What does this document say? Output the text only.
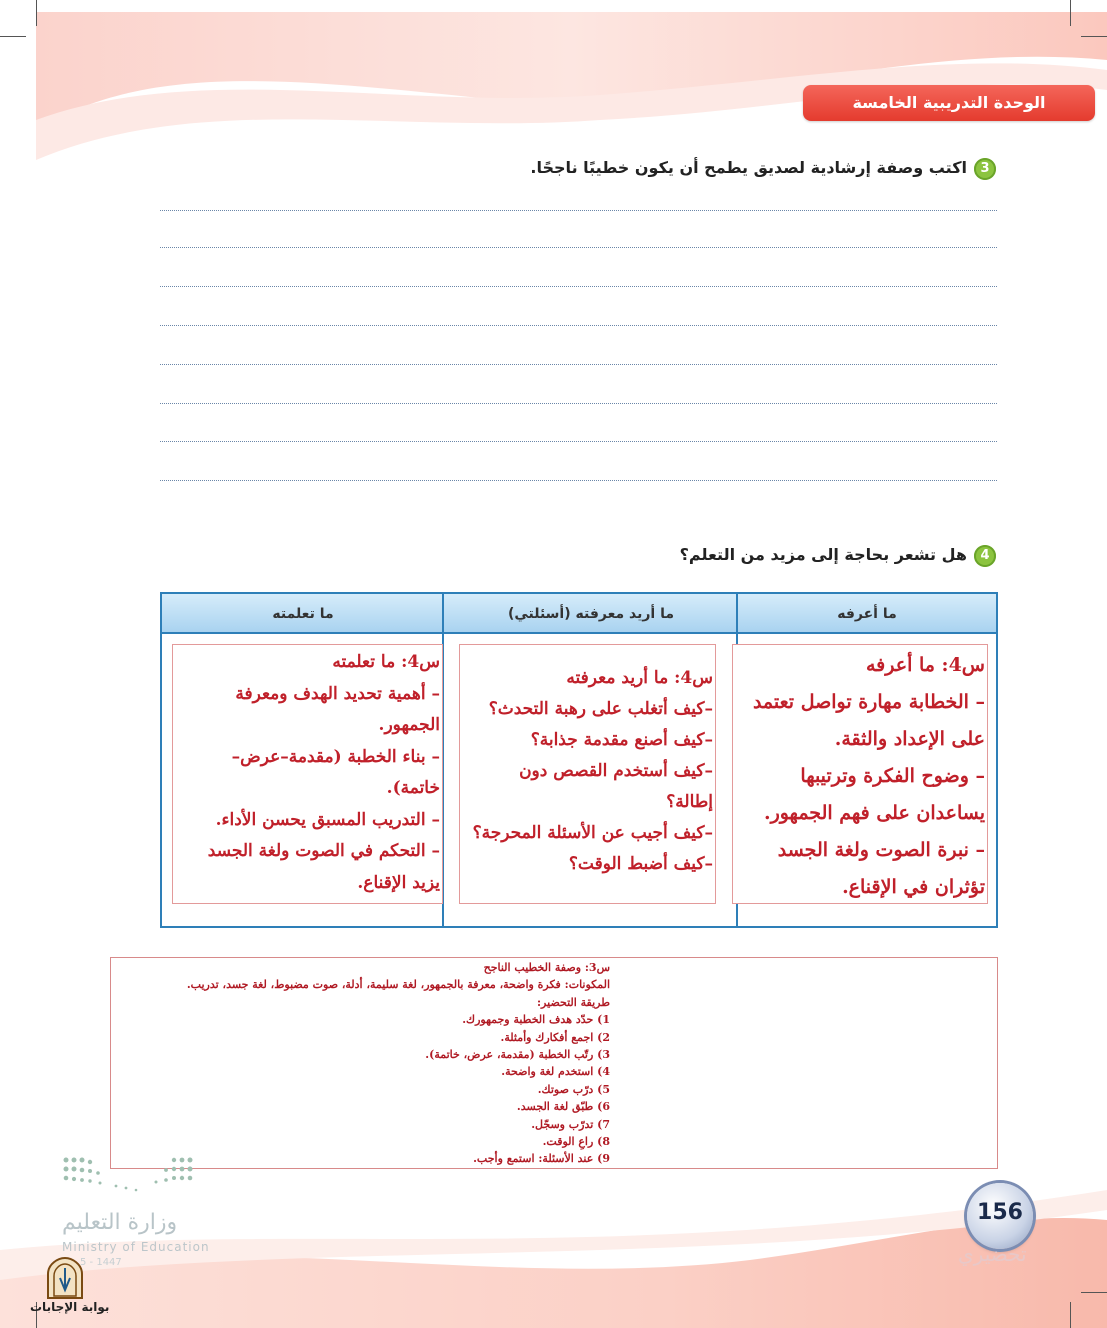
الوحدة التدريبية الخامسة
3
اكتب وصفة إرشادية لصديق يطمح أن يكون خطيبًا ناجحًا.
4
هل تشعر بحاجة إلى مزيد من التعلم؟
ما أعرفه
ما أريد معرفته (أسئلتي)
ما تعلمته
س4: ما أعرفه
– الخطابة مهارة تواصل تعتمد
على الإعداد والثقة.
– وضوح الفكرة وترتيبها
يساعدان على فهم الجمهور.
– نبرة الصوت ولغة الجسد
تؤثران في الإقناع.
س4: ما أريد معرفته
–كيف أتغلب على رهبة التحدث؟
–كيف أصنع مقدمة جذابة؟
–كيف أستخدم القصص دون
إطالة؟
–كيف أجيب عن الأسئلة المحرجة؟
–كيف أضبط الوقت؟
س4: ما تعلمته
– أهمية تحديد الهدف ومعرفة
الجمهور.
– بناء الخطبة (مقدمة–عرض–
خاتمة).
– التدريب المسبق يحسن الأداء.
– التحكم في الصوت ولغة الجسد
يزيد الإقناع.
س3: وصفة الخطيب الناجح
المكونات: فكرة واضحة، معرفة بالجمهور، لغة سليمة، أدلة، صوت مضبوط، لغة جسد، تدريب.
طريقة التحضير:
1) حدّد هدف الخطبة وجمهورك.
2) اجمع أفكارك وأمثلة.
3) رتّب الخطبة (مقدمة، عرض، خاتمة).
4) استخدم لغة واضحة.
5) درّب صوتك.
6) طبّق لغة الجسد.
7) تدرّب وسجّل.
8) راعِ الوقت.
9) عند الأسئلة: استمع وأجب.
وزارة التعليم
Ministry of Education
5 - 1447
بوابة الإجابات
156
تحضيري
